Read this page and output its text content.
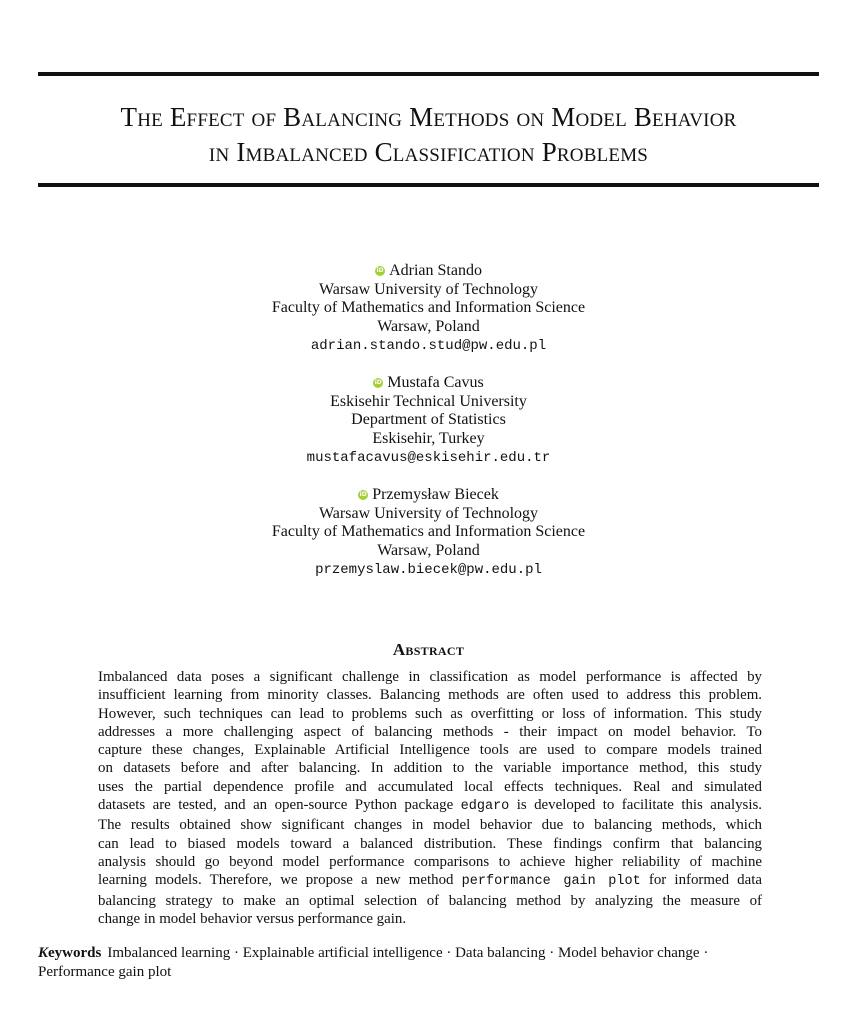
The Effect of Balancing Methods on Model Behavior
in Imbalanced Classification Problems
iD Adrian Stando
Warsaw University of Technology
Faculty of Mathematics and Information Science
Warsaw, Poland
adrian.stando.stud@pw.edu.pl
iD Mustafa Cavus
Eskisehir Technical University
Department of Statistics
Eskisehir, Turkey
mustafacavus@eskisehir.edu.tr
iD Przemysław Biecek
Warsaw University of Technology
Faculty of Mathematics and Information Science
Warsaw, Poland
przemyslaw.biecek@pw.edu.pl
Abstract
Imbalanced data poses a significant challenge in classification as model performance is affected by
insufficient learning from minority classes. Balancing methods are often used to address this problem.
However, such techniques can lead to problems such as overfitting or loss of information. This study
addresses a more challenging aspect of balancing methods - their impact on model behavior. To
capture these changes, Explainable Artificial Intelligence tools are used to compare models trained
on datasets before and after balancing. In addition to the variable importance method, this study
uses the partial dependence profile and accumulated local effects techniques. Real and simulated
datasets are tested, and an open-source Python package edgaro is developed to facilitate this analysis.
The results obtained show significant changes in model behavior due to balancing methods, which
can lead to biased models toward a balanced distribution. These findings confirm that balancing
analysis should go beyond model performance comparisons to achieve higher reliability of machine
learning models. Therefore, we propose a new method performance gain plot for informed data
balancing strategy to make an optimal selection of balancing method by analyzing the measure of
change in model behavior versus performance gain.
Keywords Imbalanced learning · Explainable artificial intelligence · Data balancing · Model behavior change ·
Performance gain plot
